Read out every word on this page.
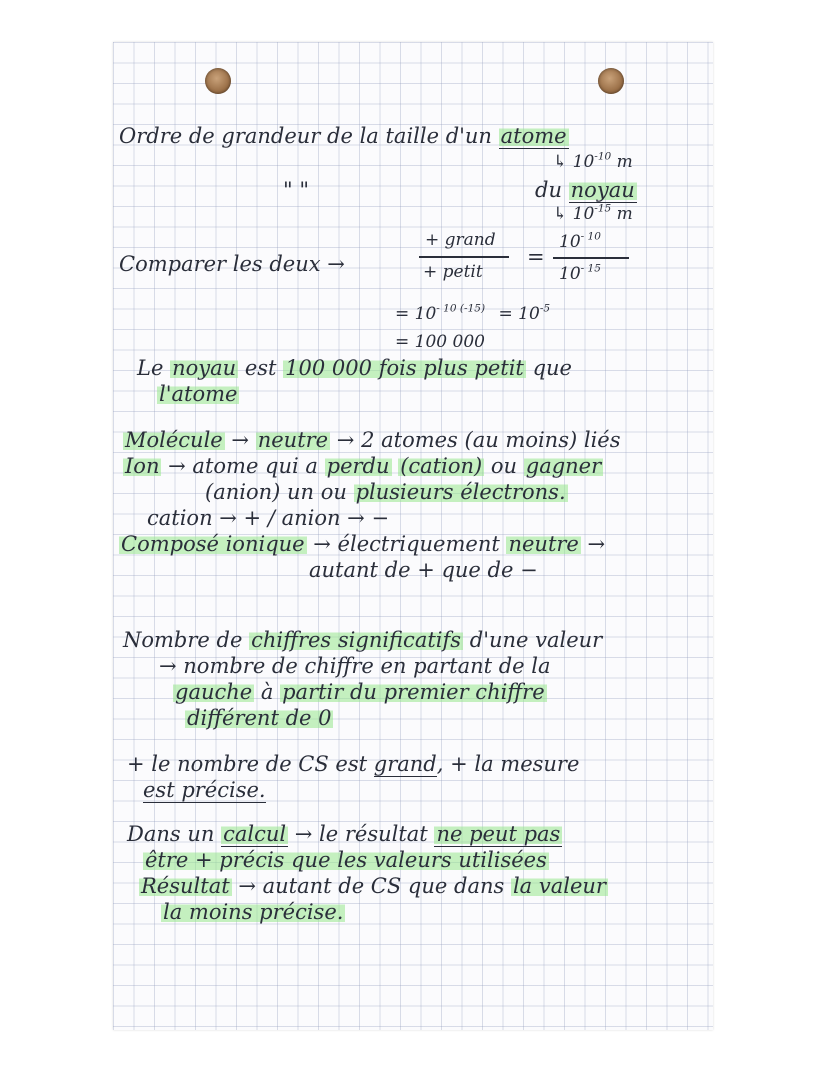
Ordre de grandeur de la taille d'un atome
↳ $10^{-10}$ m
" "	du noyau
↳ $10^{-15}$ m
Comparer les deux →
+ grand
+ petit
=
$10^{- 10}$
$10^{- 15}$
= $10^{- 10 (-15)} = 10^{-5}$
= 100 000
Le noyau est 100 000 fois plus petit que
l'atome
Molécule → neutre → 2 atomes (au moins) liés
Ion → atome qui a perdu (cation) ou gagner
(anion) un ou plusieurs électrons.
cation → + / anion → −
Composé ionique → électriquement neutre →
autant de + que de −
Nombre de chiffres significatifs d'une valeur
→ nombre de chiffre en partant de la
gauche à partir du premier chiffre
différent de 0
+ le nombre de CS est grand, + la mesure
est précise.
Dans un calcul → le résultat ne peut pas
être + précis que les valeurs utilisées
Résultat → autant de CS que dans la valeur
la moins précise.
